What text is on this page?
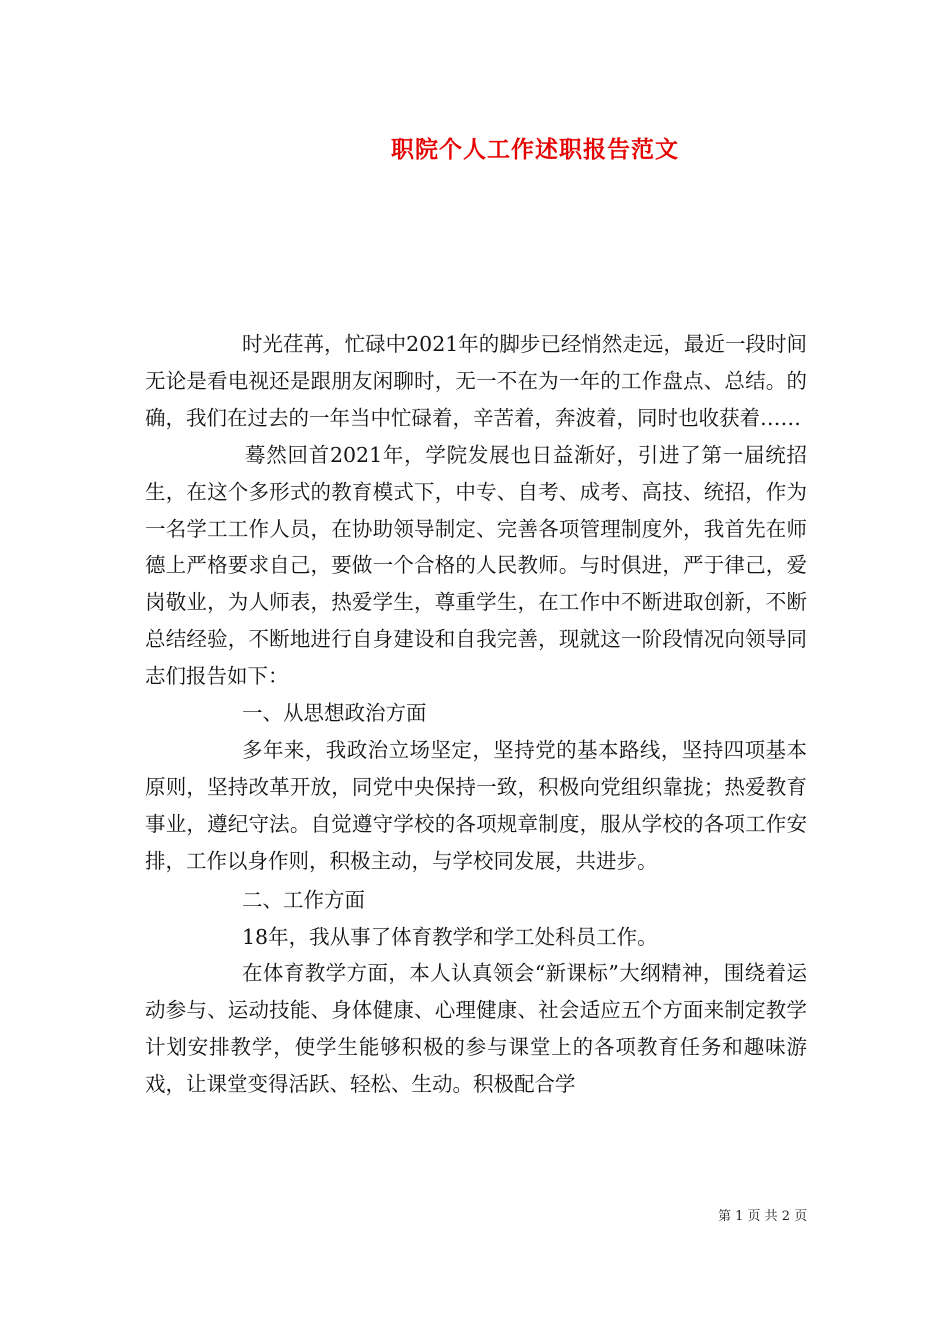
职院个人工作述职报告范文

时光荏苒，忙碌中2021年的脚步已经悄然走远，最近一段时间无论是看电视还是跟朋友闲聊时，无一不在为一年的工作盘点、总结。的确，我们在过去的一年当中忙碌着，辛苦着，奔波着，同时也收获着……

蓦然回首2021年，学院发展也日益渐好，引进了第一届统招生，在这个多形式的教育模式下，中专、自考、成考、高技、统招，作为一名学工工作人员，在协助领导制定、完善各项管理制度外，我首先在师德上严格要求自己，要做一个合格的人民教师。与时俱进，严于律己，爱岗敬业，为人师表，热爱学生，尊重学生，在工作中不断进取创新，不断总结经验，不断地进行自身建设和自我完善，现就这一阶段情况向领导同志们报告如下：

一、从思想政治方面

多年来，我政治立场坚定，坚持党的基本路线，坚持四项基本原则，坚持改革开放，同党中央保持一致，积极向党组织靠拢；热爱教育事业，遵纪守法。自觉遵守学校的各项规章制度，服从学校的各项工作安排，工作以身作则，积极主动，与学校同发展，共进步。

二、工作方面

18年，我从事了体育教学和学工处科员工作。

在体育教学方面，本人认真领会“新课标”大纲精神，围绕着运动参与、运动技能、身体健康、心理健康、社会适应五个方面来制定教学计划安排教学，使学生能够积极的参与课堂上的各项教育任务和趣味游戏，让课堂变得活跃、轻松、生动。积极配合学

第 1 页 共 2 页
